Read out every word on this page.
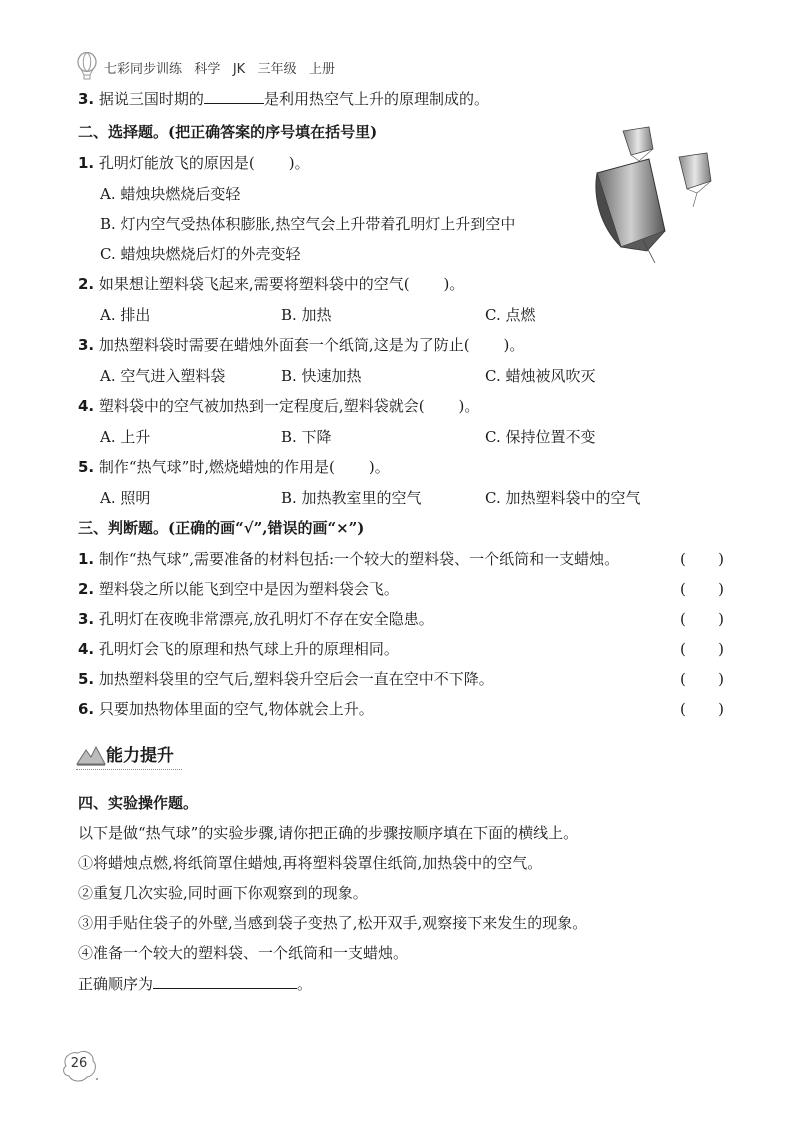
七彩同步训练 科学 JK 三年级 上册
3. 据说三国时期的	是利用热空气上升的原理制成的。
二、选择题。(把正确答案的序号填在括号里)
1. 孔明灯能放飞的原因是( )。
A. 蜡烛块燃烧后变轻
B. 灯内空气受热体积膨胀,热空气会上升带着孔明灯上升到空中
C. 蜡烛块燃烧后灯的外壳变轻
2. 如果想让塑料袋飞起来,需要将塑料袋中的空气( )。
A. 排出	B. 加热	C. 点燃
3. 加热塑料袋时需要在蜡烛外面套一个纸筒,这是为了防止( )。
A. 空气进入塑料袋	B. 快速加热	C. 蜡烛被风吹灭
4. 塑料袋中的空气被加热到一定程度后,塑料袋就会( )。
A. 上升	B. 下降	C. 保持位置不变
5. 制作“热气球”时,燃烧蜡烛的作用是( )。
A. 照明	B. 加热教室里的空气	C. 加热塑料袋中的空气
三、判断题。(正确的画“√”,错误的画“×”)
1. 制作“热气球”,需要准备的材料包括:一个较大的塑料袋、一个纸筒和一支蜡烛。	( )
2. 塑料袋之所以能飞到空中是因为塑料袋会飞。	( )
3. 孔明灯在夜晚非常漂亮,放孔明灯不存在安全隐患。	( )
4. 孔明灯会飞的原理和热气球上升的原理相同。	( )
5. 加热塑料袋里的空气后,塑料袋升空后会一直在空中不下降。	( )
6. 只要加热物体里面的空气,物体就会上升。	( )
能力提升
四、实验操作题。
以下是做“热气球”的实验步骤,请你把正确的步骤按顺序填在下面的横线上。
①将蜡烛点燃,将纸筒罩住蜡烛,再将塑料袋罩住纸筒,加热袋中的空气。
②重复几次实验,同时画下你观察到的现象。
③用手贴住袋子的外壁,当感到袋子变热了,松开双手,观察接下来发生的现象。
④准备一个较大的塑料袋、一个纸筒和一支蜡烛。
正确顺序为	。
26
